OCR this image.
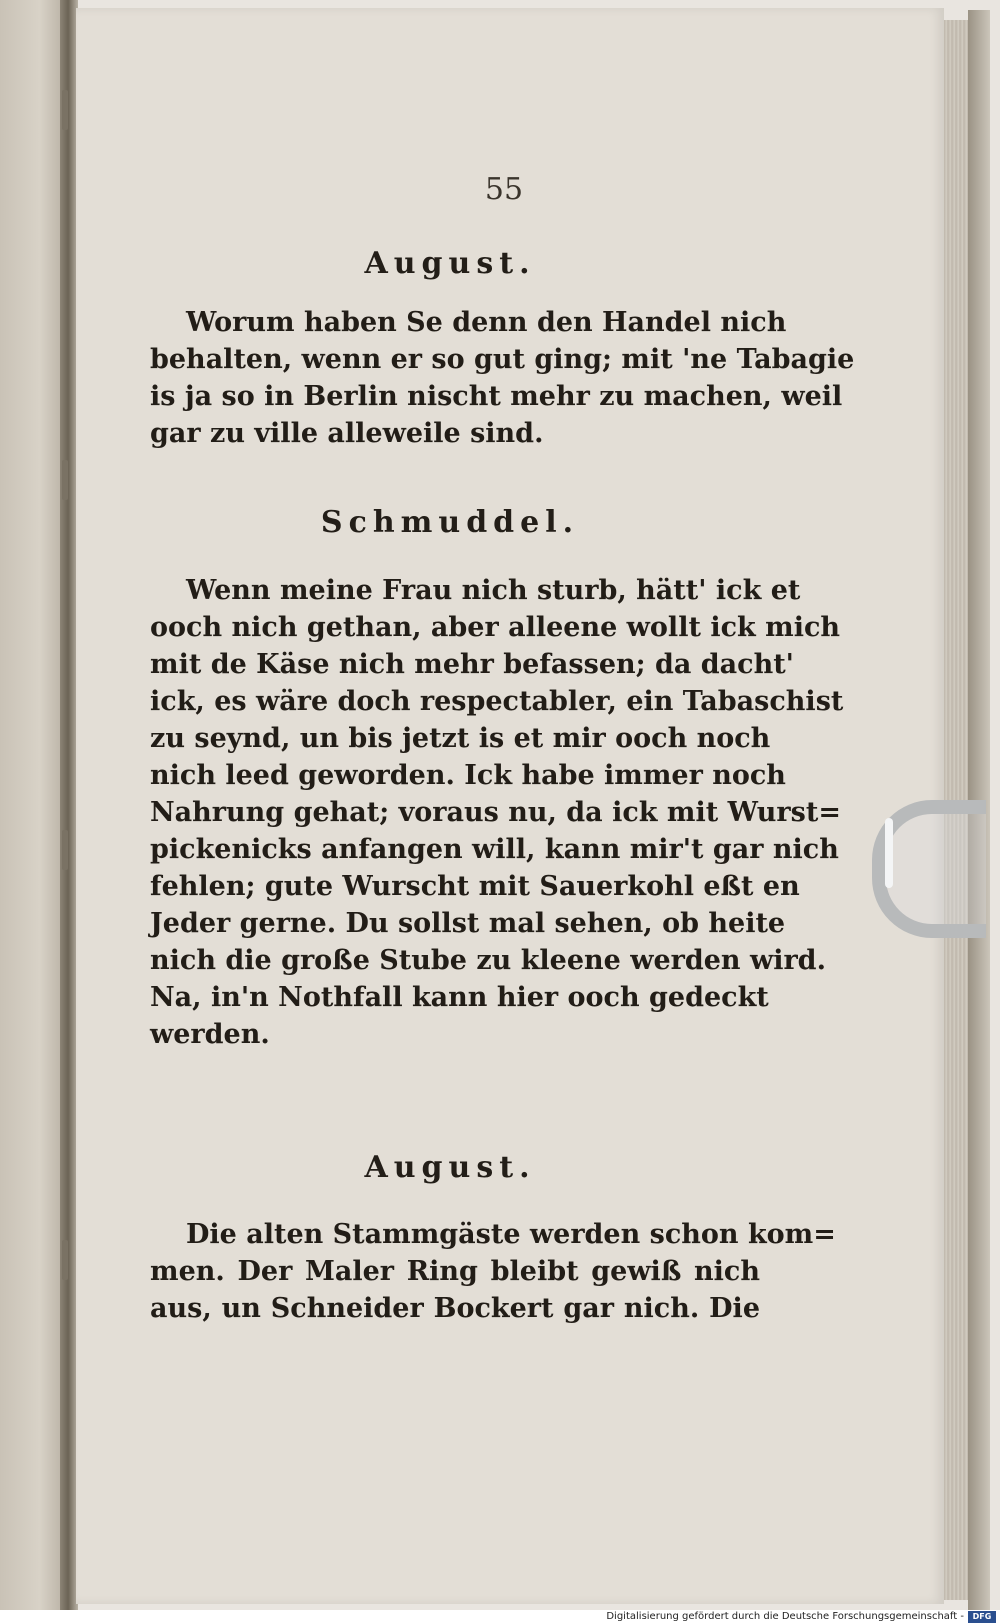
55
August.
Worum haben Se denn den Handel nich
behalten, wenn er so gut ging; mit 'ne Tabagie
is ja so in Berlin nischt mehr zu machen, weil
gar zu ville alleweile sind.
Schmuddel.
Wenn meine Frau nich sturb, hätt' ick et
ooch nich gethan, aber alleene wollt ick mich
mit de Käse nich mehr befassen; da dacht'
ick, es wäre doch respectabler, ein Tabaschist
zu seynd, un bis jetzt is et mir ooch noch
nich leed geworden. Ick habe immer noch
Nahrung gehat; voraus nu, da ick mit Wurst=
pickenicks anfangen will, kann mir't gar nich
fehlen; gute Wurscht mit Sauerkohl eßt en
Jeder gerne. Du sollst mal sehen, ob heite
nich die große Stube zu kleene werden wird.
Na, in'n Nothfall kann hier ooch gedeckt
werden.
August.
Die alten Stammgäste werden schon kom=
men. Der Maler Ring bleibt gewiß nich
aus, un Schneider Bockert gar nich. Die
Digitalisierung gefördert durch die Deutsche Forschungsgemeinschaft -	DFG
